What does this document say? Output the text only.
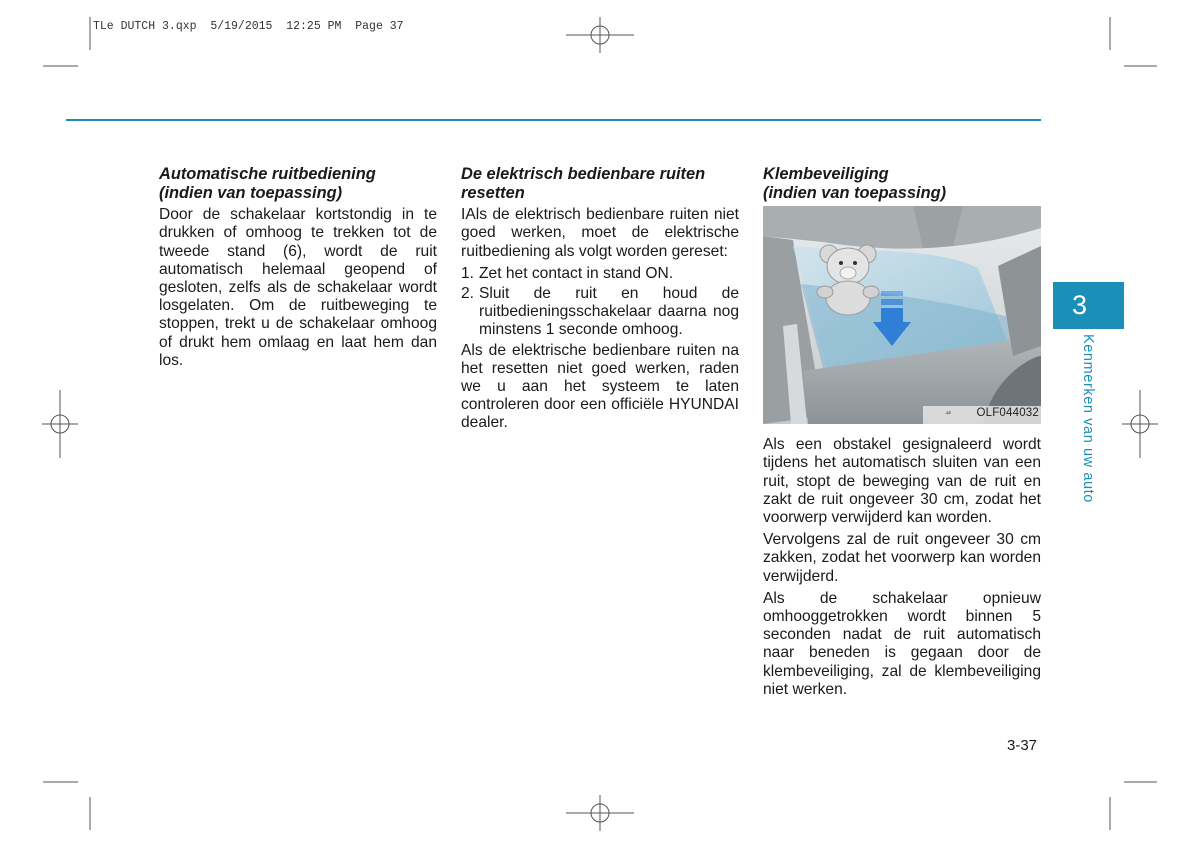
TLe DUTCH 3.qxp  5/19/2015  12:25 PM  Page 37
Automatische ruitbediening
(indien van toepassing)

Door de schakelaar kortstondig in te drukken of omhoog te trekken tot de tweede stand (6), wordt de ruit automatisch helemaal geopend of gesloten, zelfs als de schakelaar wordt losgelaten. Om de ruitbeweging te stoppen, trekt u de schakelaar omhoog of drukt hem omlaag en laat hem dan los.

De elektrisch bedienbare ruiten
resetten

IAls de elektrisch bedienbare ruiten niet goed werken, moet de elektrische ruitbediening als volgt worden gereset:

1. Zet het contact in stand ON.
2. Sluit de ruit en houd de ruitbedieningsschakelaar daarna nog minstens 1 seconde omhoog.

Als de elektrische bedienbare ruiten na het resetten niet goed werken, raden we u aan het systeem te laten controleren door een officiële HYUNDAI dealer.

Klembeveiliging
(indien van toepassing)
⁴² OLF044032

Als een obstakel gesignaleerd wordt tijdens het automatisch sluiten van een ruit, stopt de beweging van de ruit en zakt de ruit ongeveer 30 cm, zodat het voorwerp verwijderd kan worden.

Vervolgens zal de ruit ongeveer 30 cm zakken, zodat het voorwerp kan worden verwijderd.

Als de schakelaar opnieuw omhooggetrokken wordt binnen 5 seconden nadat de ruit automatisch naar beneden is gegaan door de klembeveiliging, zal de klembeveiliging niet werken.

3
Kenmerken van uw auto
3-37
